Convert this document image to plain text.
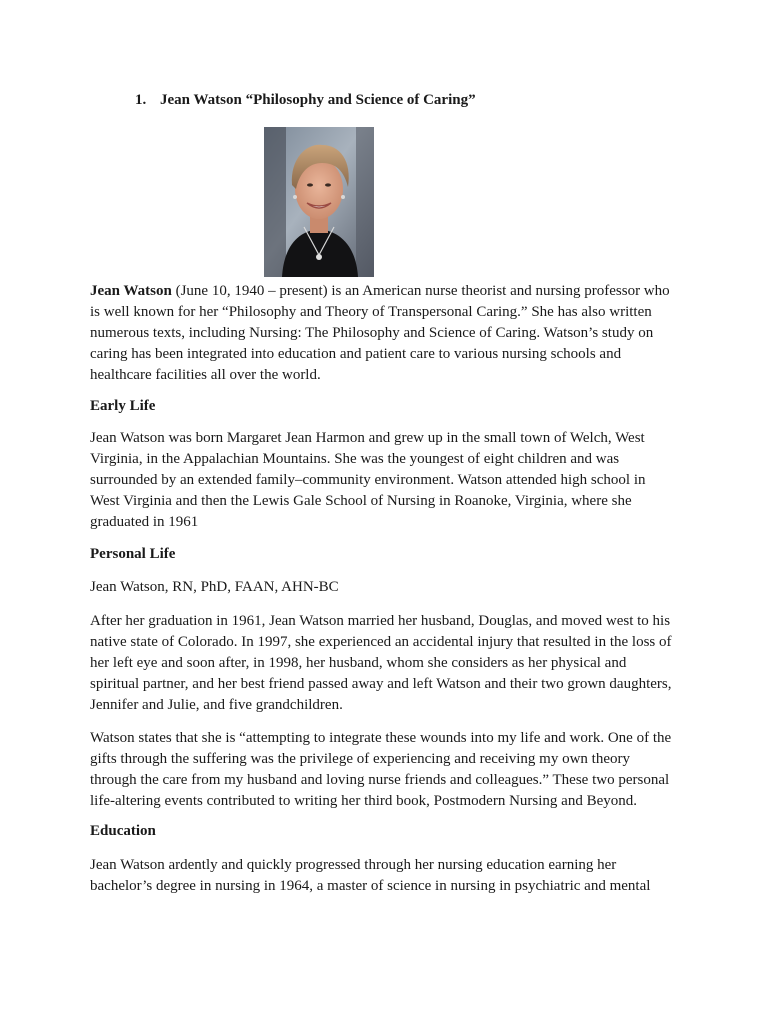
1. Jean Watson “Philosophy and Science of Caring”
Jean Watson (June 10, 1940 – present) is an American nurse theorist and nursing professor who
is well known for her “Philosophy and Theory of Transpersonal Caring.” She has also written
numerous texts, including Nursing: The Philosophy and Science of Caring. Watson’s study on
caring has been integrated into education and patient care to various nursing schools and
healthcare facilities all over the world.
Early Life
Jean Watson was born Margaret Jean Harmon and grew up in the small town of Welch, West
Virginia, in the Appalachian Mountains. She was the youngest of eight children and was
surrounded by an extended family–community environment. Watson attended high school in
West Virginia and then the Lewis Gale School of Nursing in Roanoke, Virginia, where she
graduated in 1961
Personal Life
Jean Watson, RN, PhD, FAAN, AHN-BC
After her graduation in 1961, Jean Watson married her husband, Douglas, and moved west to his
native state of Colorado. In 1997, she experienced an accidental injury that resulted in the loss of
her left eye and soon after, in 1998, her husband, whom she considers as her physical and
spiritual partner, and her best friend passed away and left Watson and their two grown daughters,
Jennifer and Julie, and five grandchildren.
Watson states that she is “attempting to integrate these wounds into my life and work. One of the
gifts through the suffering was the privilege of experiencing and receiving my own theory
through the care from my husband and loving nurse friends and colleagues.” These two personal
life-altering events contributed to writing her third book, Postmodern Nursing and Beyond.
Education
Jean Watson ardently and quickly progressed through her nursing education earning her
bachelor’s degree in nursing in 1964, a master of science in nursing in psychiatric and mental
